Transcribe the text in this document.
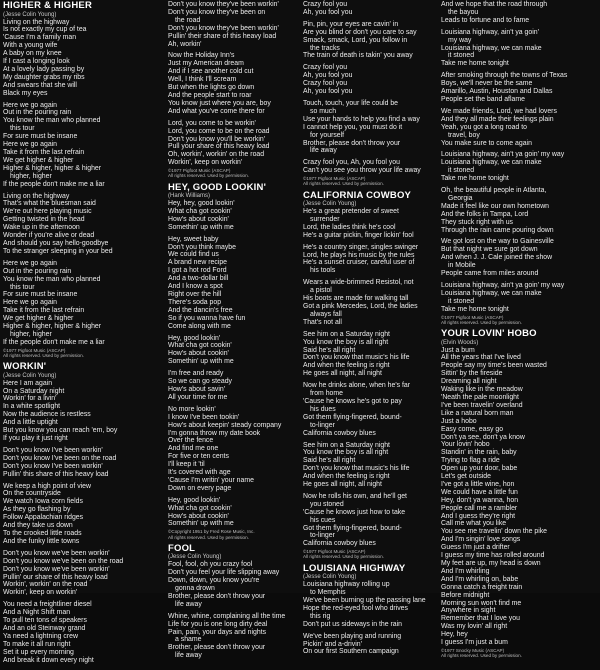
HIGHER & HIGHER
(Jesse Colin Young)
Living on the highway
Is not exactly my cup of tea
'Cause I'm a family man
With a young wife
A baby on my knee
If I cast a longing look
At a lovely lady passing by
My daughter grabs my ribs
And swears that she will
Black my eyes
Here we go again
Out in the pouring rain
You know the man who planned
this tour
For sure must be insane
Here we go again
Take it from the last refrain
We get higher & higher
Higher & higher, higher & higher
higher, higher
If the people don't make me a liar
Living on the highway
That's what the bluesman said
We're out here playing music
Getting twisted in the head
Wake up in the afternoon
Wonder if you're alive or dead
And should you say hello-goodbye
To the stranger sleeping in your bed
Here we go again
Out in the pouring rain
You know the man who planned
this tour
For sure must be insane
Here we go again
Take it from the last refrain
We get higher & higher
Higher & higher, higher & higher
higher, higher
If the people don't make me a liar
©1977 Pigfoot Music (ASCAP)
All rights reserved. Used by permission.
WORKIN'
(Jesse Colin Young)
Here I am again
On a Saturday night
Workin' for a livin'
In a white spotlight
Now the audience is restless
And a little uptight
But you know you can reach 'em, boy
If you play it just right
Don't you know I've been workin'
Don't you know I've been on the road
Don't you know I've been workin'
Pullin' this share of this heavy load
We keep a high point of view
On the countryside
We watch Iowa corn fields
As they go flashing by
Follow Appalachian ridges
And they take us down
To the crooked little roads
And the funky little towns
Don't you know we've been workin'
Don't you know we've been on the road
Don't you know we've been workin'
Pullin' our share of this heavy load
Workin', workin' on the road
Workin', keep on workin'
You need a freightliner diesel
And a Night Shift man
To pull ten tons of speakers
And an old Steinway grand
Ya need a lightning crew
To make it all run right
Set it up every morning
And break it down every night
Don't you know they've been workin'
Don't you know they've been on
the road
Don't you know they've been workin'
Pullin' their share of this heavy load
Ah, workin'
Now the Holiday Inn's
Just my American dream
And if I see another cold cut
Well, I think I'll scream
But when the lights go down
And the people start to roar
You know just where you are, boy
And what you've come there for
Lord, you come to be workin'
Lord, you come to be on the road
Don't you know you'll be workin'
Pull your share of this heavy load
Oh, workin', workin' on the road
Workin', keep on workin'
©1977 Pigfoot Music (ASCAP)
All rights reserved. Used by permission.
HEY, GOOD LOOKIN'
(Hank Williams)
Hey, hey, good lookin'
What cha got cookin'
How's about cookin'
Somethin' up with me
Hey, sweet baby
Don't you think maybe
We could find us
A brand new recipe
I got a hot rod Ford
And a two-dollar bill
And I know a spot
Right over the hill
There's soda pop
And the dancin's free
So if you wanna have fun
Come along with me
Hey, good lookin'
What cha got cookin'
How's about cookin'
Somethin' up with me
I'm free and ready
So we can go steady
How's about savin'
All your time for me
No more lookin'
I know I've been tookin'
How's about keepin' steady company
I'm gonna throw my date book
Over the fence
And find me one
For five or ten cents
I'll keep it 'til
It's covered with age
'Cause I'm writin' your name
Down on every page
Hey, good lookin'
What cha got cookin'
How's about cookin'
Somethin' up with me
©Copyright 1951 by Fred Rose Music, Inc.
All rights reserved. Used by permission.
FOOL
(Jesse Colin Young)
Fool, fool, oh you crazy fool
Don't you feel your life slipping away
Down, down, you know you're
gonna drown
Brother, please don't throw your
life away
Whine, whine, complaining all the time
Life for you is one long dirty deal
Pain, pain, your days and nights
a shame
Brother, please don't throw your
life away
Crazy fool you
Ah, you fool you
Pin, pin, your eyes are cavin' in
Are you blind or don't you care to say
Smack, smack, Lord, you follow in
the tracks
The train of death is takin' you away
Crazy fool you
Ah, you fool you
Crazy fool you
Ah, you fool you
Touch, touch, your life could be
so much
Use your hands to help you find a way
I cannot help you, you must do it
for yourself
Brother, please don't throw your
life away
Crazy fool you, Ah, you fool you
Can't you see you throw your life away
©1977 Pigfoot Music (ASCAP)
All rights reserved. Used by permission.
CALIFORNIA COWBOY
(Jesse Colin Young)
He's a great pretender of sweet
surrender
Lord, the ladies think he's cool
He's a guitar pickin, finger lickin' fool
He's a country singer, singles swinger
Lord, he plays his music by the rules
He's a sunset cruiser, careful user of
his tools
Wears a wide-brimmed Resistol, not
a pistol
His boots are made for walking tall
Got a pink Mercedes, Lord, the ladies
always fall
That's not all
See him on a Saturday night
You know the boy is all right
Said he's all right
Don't you know that music's his life
And when the feeling is right
He goes all night, all night
Now he drinks alone, when he's far
from home
'Cause he knows he's got to pay
his dues
Got them flying-fingered, bound-
to-linger
California cowboy blues
See him on a Saturday night
You know the boy is all right
Said he's all right
Don't you know that music's his life
And when the feeling is right
He goes all night, all night
Now he rolls his own, and he'll get
you stoned
'Cause he knows just how to take
his cues
Got them flying-fingered, bound-
to-linger
California cowboy blues
©1977 Pigfoot Music (ASCAP)
All rights reserved. Used by permission.
LOUISIANA HIGHWAY
(Jesse Colin Young)
Louisiana highway rolling up
to Memphis
We've been burning up the passing lane
Hope the red-eyed fool who drives
this rig
Don't put us sideways in the rain
We've been playing and running
Pickin' and a-drivin'
On our first Southern campaign
And we hope that the road through
the bayou
Leads to fortune and to fame
Louisiana highway, ain't ya goin'
my way
Louisiana highway, we can make
it stoned
Take me home tonight
After smoking through the towns of Texas
Boys, we'll never be the same
Amarillo, Austin, Houston and Dallas
People set the band aflame
We made friends, Lord, we had lovers
And they all made their feelings plain
Yeah, you got a long road to
travel, boy
You make sure to come again
Louisiana highway, ain't ya goin' my way
Louisiana highway, we can make
it stoned
Take me home tonight
Oh, the beautiful people in Atlanta,
Georgia
Made it feel like our own hometown
And the folks in Tampa, Lord
They stuck right with us
Through the rain came pouring down
We got lost on the way to Gainesville
But that night we sure got down
And when J. J. Cale joined the show
in Mobile
People came from miles around
Louisiana highway, ain't ya goin' my way
Louisiana highway, we can make
it stoned
Take me home tonight
©1977 Pigfoot Music (ASCAP)
All rights reserved. Used by permission.
YOUR LOVIN' HOBO
(Elvin Woods)
Just a bum
All the years that I've lived
People say my time's been wasted
Sittin' by the fireside
Dreaming all night
Waking like in the meadow
'Neath the pale moonlight
I've been travelin' overland
Like a natural born man
Just a hobo
Easy come, easy go
Don't ya see, don't ya know
Your lovin' hobo
Standin' in the rain, baby
Trying to flag a ride
Open up your door, babe
Let's get outside
I've got a little wine, hon
We could have a little fun
Hey, don't ya wanna, hon
People call me a rambler
And I guess they're right
Call me what you like
You see me travelin' down the pike
And I'm singin' love songs
Guess I'm just a drifter
I guess my time has rolled around
My feet are up, my head is down
And I'm whirling
And I'm whirling on, babe
Gonna catch a freight train
Before midnight
Morning sun won't find me
Anywhere in sight
Remember that I love you
Was my lovin' all right
Hey, hey
I guess I'm just a bum
©1977 Snocky Music (ASCAP)
All rights reserved. Used by permission.
